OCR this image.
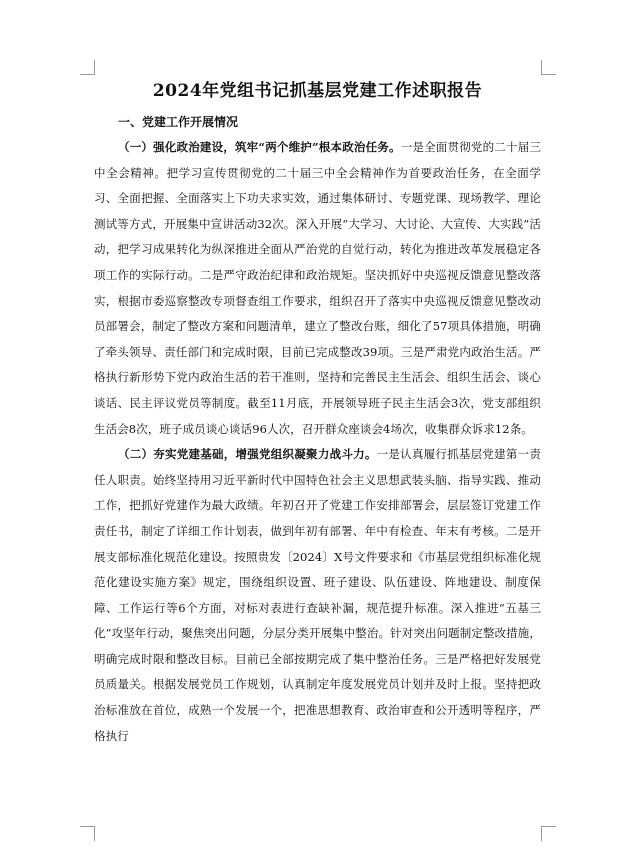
2024年党组书记抓基层党建工作述职报告

一、党建工作开展情况

（一）强化政治建设，筑牢“两个维护”根本政治任务。一是全面贯彻党的二十届三中全会精神。把学习宣传贯彻党的二十届三中全会精神作为首要政治任务，在全面学习、全面把握、全面落实上下功夫求实效，通过集体研讨、专题党课、现场教学、理论测试等方式，开展集中宣讲活动32次。深入开展“大学习、大讨论、大宣传、大实践”活动，把学习成果转化为纵深推进全面从严治党的自觉行动，转化为推进改革发展稳定各项工作的实际行动。二是严守政治纪律和政治规矩。坚决抓好中央巡视反馈意见整改落实，根据市委巡察整改专项督查组工作要求，组织召开了落实中央巡视反馈意见整改动员部署会，制定了整改方案和问题清单，建立了整改台账，细化了57项具体措施，明确了牵头领导、责任部门和完成时限，目前已完成整改39项。三是严肃党内政治生活。严格执行新形势下党内政治生活的若干准则，坚持和完善民主生活会、组织生活会、谈心谈话、民主评议党员等制度。截至11月底，开展领导班子民主生活会3次，党支部组织生活会8次，班子成员谈心谈话96人次，召开群众座谈会4场次，收集群众诉求12条。

（二）夯实党建基础，增强党组织凝聚力战斗力。一是认真履行抓基层党建第一责任人职责。始终坚持用习近平新时代中国特色社会主义思想武装头脑、指导实践、推动工作，把抓好党建作为最大政绩。年初召开了党建工作安排部署会，层层签订党建工作责任书，制定了详细工作计划表，做到年初有部署、年中有检查、年末有考核。二是开展支部标准化规范化建设。按照贵发〔2024〕X号文件要求和《市基层党组织标准化规范化建设实施方案》规定，围绕组织设置、班子建设、队伍建设、阵地建设、制度保障、工作运行等6个方面，对标对表进行查缺补漏，规范提升标准。深入推进“五基三化”攻坚年行动，聚焦突出问题，分层分类开展集中整治。针对突出问题制定整改措施，明确完成时限和整改目标。目前已全部按期完成了集中整治任务。三是严格把好发展党员质量关。根据发展党员工作规划，认真制定年度发展党员计划并及时上报。坚持把政治标准放在首位，成熟一个发展一个，把准思想教育、政治审查和公开透明等程序，严格执行
